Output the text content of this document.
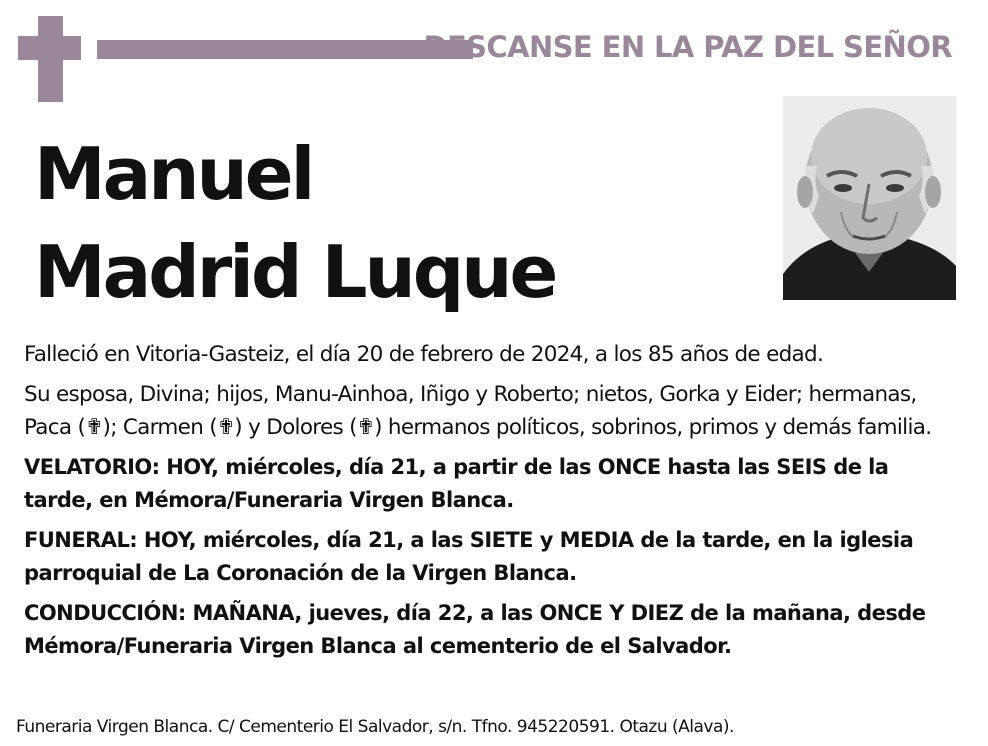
DESCANSE EN LA PAZ DEL SEÑOR
Manuel
Madrid Luque

Falleció en Vitoria-Gasteiz, el día 20 de febrero de 2024, a los 85 años de edad.

Su esposa, Divina; hijos, Manu-Ainhoa, Iñigo y Roberto; nietos, Gorka y Eider; hermanas, Paca (✟); Carmen (✟) y Dolores (✟) hermanos políticos, sobrinos, primos y demás familia.

VELATORIO: HOY, miércoles, día 21, a partir de las ONCE hasta las SEIS de la tarde, en Mémora/Funeraria Virgen Blanca.

FUNERAL: HOY, miércoles, día 21, a las SIETE y MEDIA de la tarde, en la iglesia parroquial de La Coronación de la Virgen Blanca.

CONDUCCIÓN: MAÑANA, jueves, día 22, a las ONCE Y DIEZ de la mañana, desde Mémora/Funeraria Virgen Blanca al cementerio de el Salvador.

Funeraria Virgen Blanca. C/ Cementerio El Salvador, s/n. Tfno. 945220591. Otazu (Alava).
